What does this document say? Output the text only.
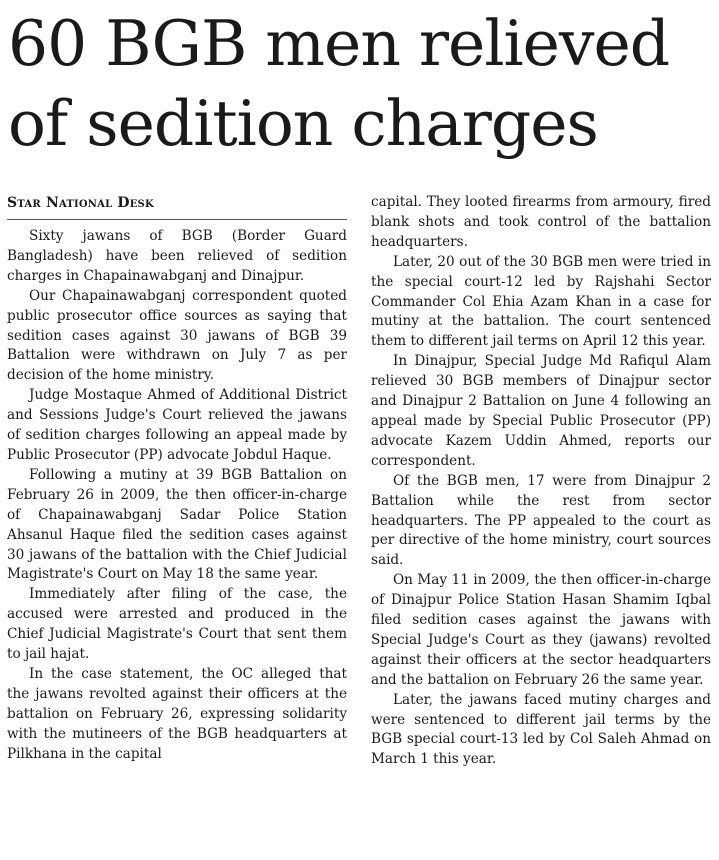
60 BGB men relieved
of sedition charges
Star National Desk

Sixty jawans of BGB (Border Guard Bangladesh) have been relieved of sedition charges in Chapainawabganj and Dinajpur.

Our Chapainawabganj correspondent quoted public prosecutor office sources as saying that sedition cases against 30 jawans of BGB 39 Battalion were withdrawn on July 7 as per decision of the home ministry.

Judge Mostaque Ahmed of Additional District and Sessions Judge's Court relieved the jawans of sedition charges following an appeal made by Public Prosecutor (PP) advocate Jobdul Haque.

Following a mutiny at 39 BGB Battalion on February 26 in 2009, the then officer-in-charge of Chapainawabganj Sadar Police Station Ahsanul Haque filed the sedition cases against 30 jawans of the battalion with the Chief Judicial Magistrate's Court on May 18 the same year.

Immediately after filing of the case, the accused were arrested and produced in the Chief Judicial Magistrate's Court that sent them to jail hajat.

In the case statement, the OC alleged that the jawans revolted against their officers at the battalion on February 26, expressing solidarity with the mutineers of the BGB headquarters at Pilkhana in the capital

capital. They looted firearms from armoury, fired blank shots and took control of the battalion headquarters.

Later, 20 out of the 30 BGB men were tried in the special court-12 led by Rajshahi Sector Commander Col Ehia Azam Khan in a case for mutiny at the battalion. The court sentenced them to different jail terms on April 12 this year.

In Dinajpur, Special Judge Md Rafiqul Alam relieved 30 BGB members of Dinajpur sector and Dinajpur 2 Battalion on June 4 following an appeal made by Special Public Prosecutor (PP) advocate Kazem Uddin Ahmed, reports our correspondent.

Of the BGB men, 17 were from Dinajpur 2 Battalion while the rest from sector headquarters. The PP appealed to the court as per directive of the home ministry, court sources said.

On May 11 in 2009, the then officer-in-charge of Dinajpur Police Station Hasan Shamim Iqbal filed sedition cases against the jawans with Special Judge's Court as they (jawans) revolted against their officers at the sector headquarters and the battalion on February 26 the same year.

Later, the jawans faced mutiny charges and were sentenced to different jail terms by the BGB special court-13 led by Col Saleh Ahmad on March 1 this year.
